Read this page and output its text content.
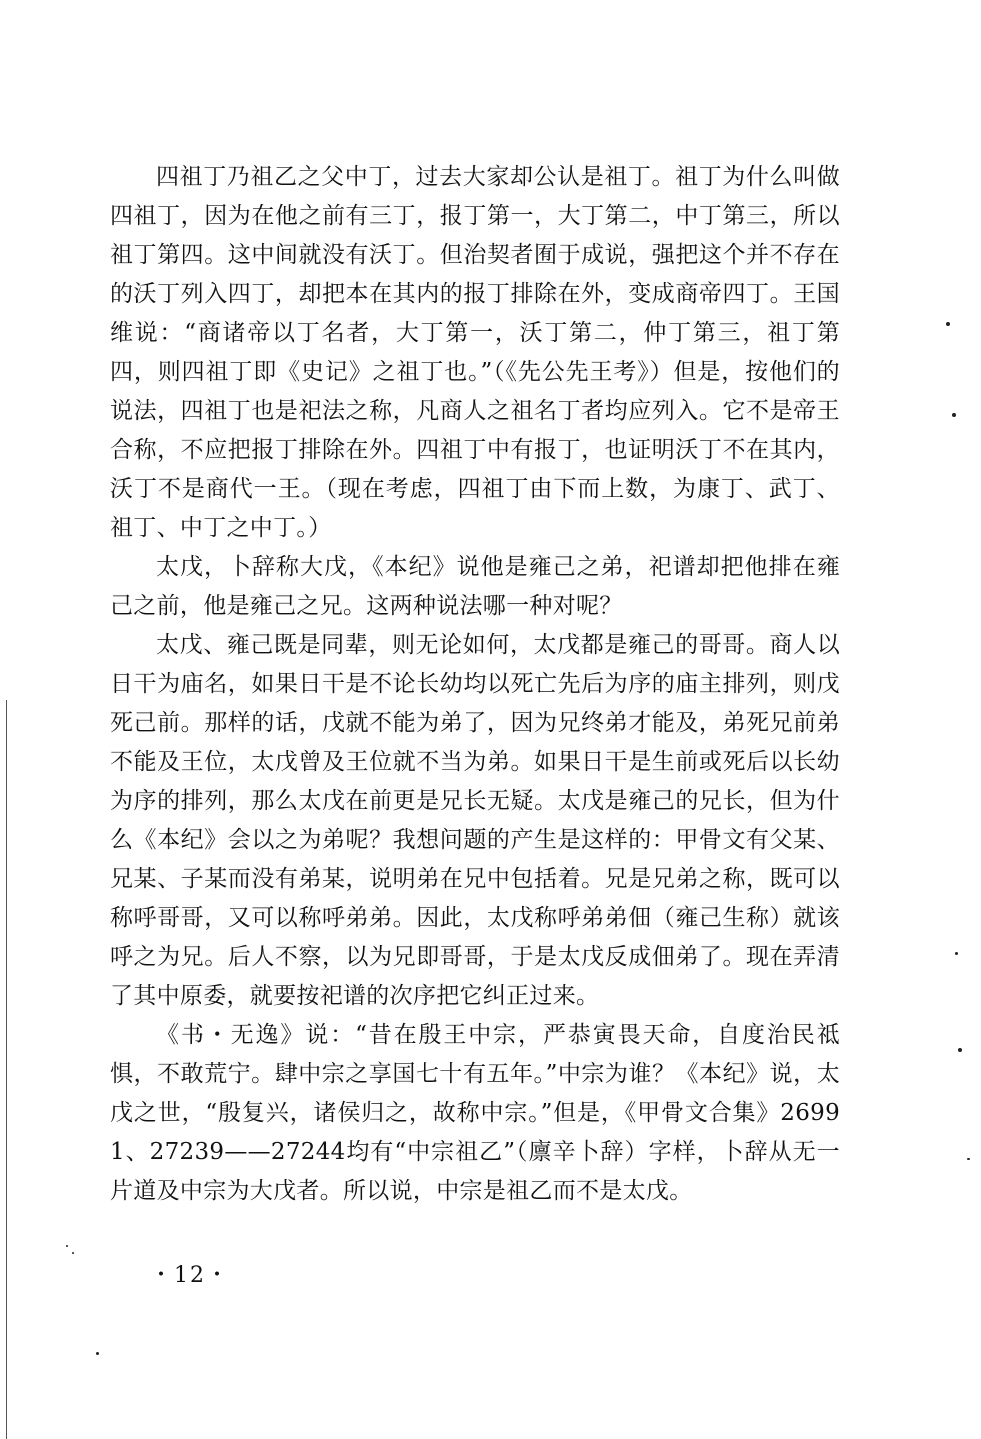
四祖丁乃祖乙之父中丁，过去大家却公认是祖丁。祖丁为什么叫做四祖丁，因为在他之前有三丁，报丁第一，大丁第二，中丁第三，所以祖丁第四。这中间就没有沃丁。但治契者囿于成说，强把这个并不存在的沃丁列入四丁，却把本在其内的报丁排除在外，变成商帝四丁。王国维说：“商诸帝以丁名者，大丁第一，沃丁第二，仲丁第三，祖丁第四，则四祖丁即《史记》之祖丁也。”（《先公先王考》）但是，按他们的说法，四祖丁也是祀法之称，凡商人之祖名丁者均应列入。它不是帝王合称，不应把报丁排除在外。四祖丁中有报丁，也证明沃丁不在其内，沃丁不是商代一王。（现在考虑，四祖丁由下而上数，为康丁、武丁、祖丁、中丁之中丁。）

太戊，卜辞称大戊，《本纪》说他是雍己之弟，祀谱却把他排在雍己之前，他是雍己之兄。这两种说法哪一种对呢？

太戊、雍己既是同辈，则无论如何，太戊都是雍己的哥哥。商人以日干为庙名，如果日干是不论长幼均以死亡先后为序的庙主排列，则戊死己前。那样的话，戊就不能为弟了，因为兄终弟才能及，弟死兄前弟不能及王位，太戊曾及王位就不当为弟。如果日干是生前或死后以长幼为序的排列，那么太戊在前更是兄长无疑。太戊是雍己的兄长，但为什么《本纪》会以之为弟呢？我想问题的产生是这样的：甲骨文有父某、兄某、子某而没有弟某，说明弟在兄中包括着。兄是兄弟之称，既可以称呼哥哥，又可以称呼弟弟。因此，太戊称呼弟弟佃（雍己生称）就该呼之为兄。后人不察，以为兄即哥哥，于是太戊反成佃弟了。现在弄清了其中原委，就要按祀谱的次序把它纠正过来。

《书・无逸》说：“昔在殷王中宗，严恭寅畏天命，自度治民祗惧，不敢荒宁。肆中宗之享国七十有五年。”中宗为谁？《本纪》说，太戊之世，“殷复兴，诸侯归之，故称中宗。”但是，《甲骨文合集》26991、27239——27244均有“中宗祖乙”（廪辛卜辞）字样，卜辞从无一片道及中宗为大戊者。所以说，中宗是祖乙而不是太戊。

・12・
